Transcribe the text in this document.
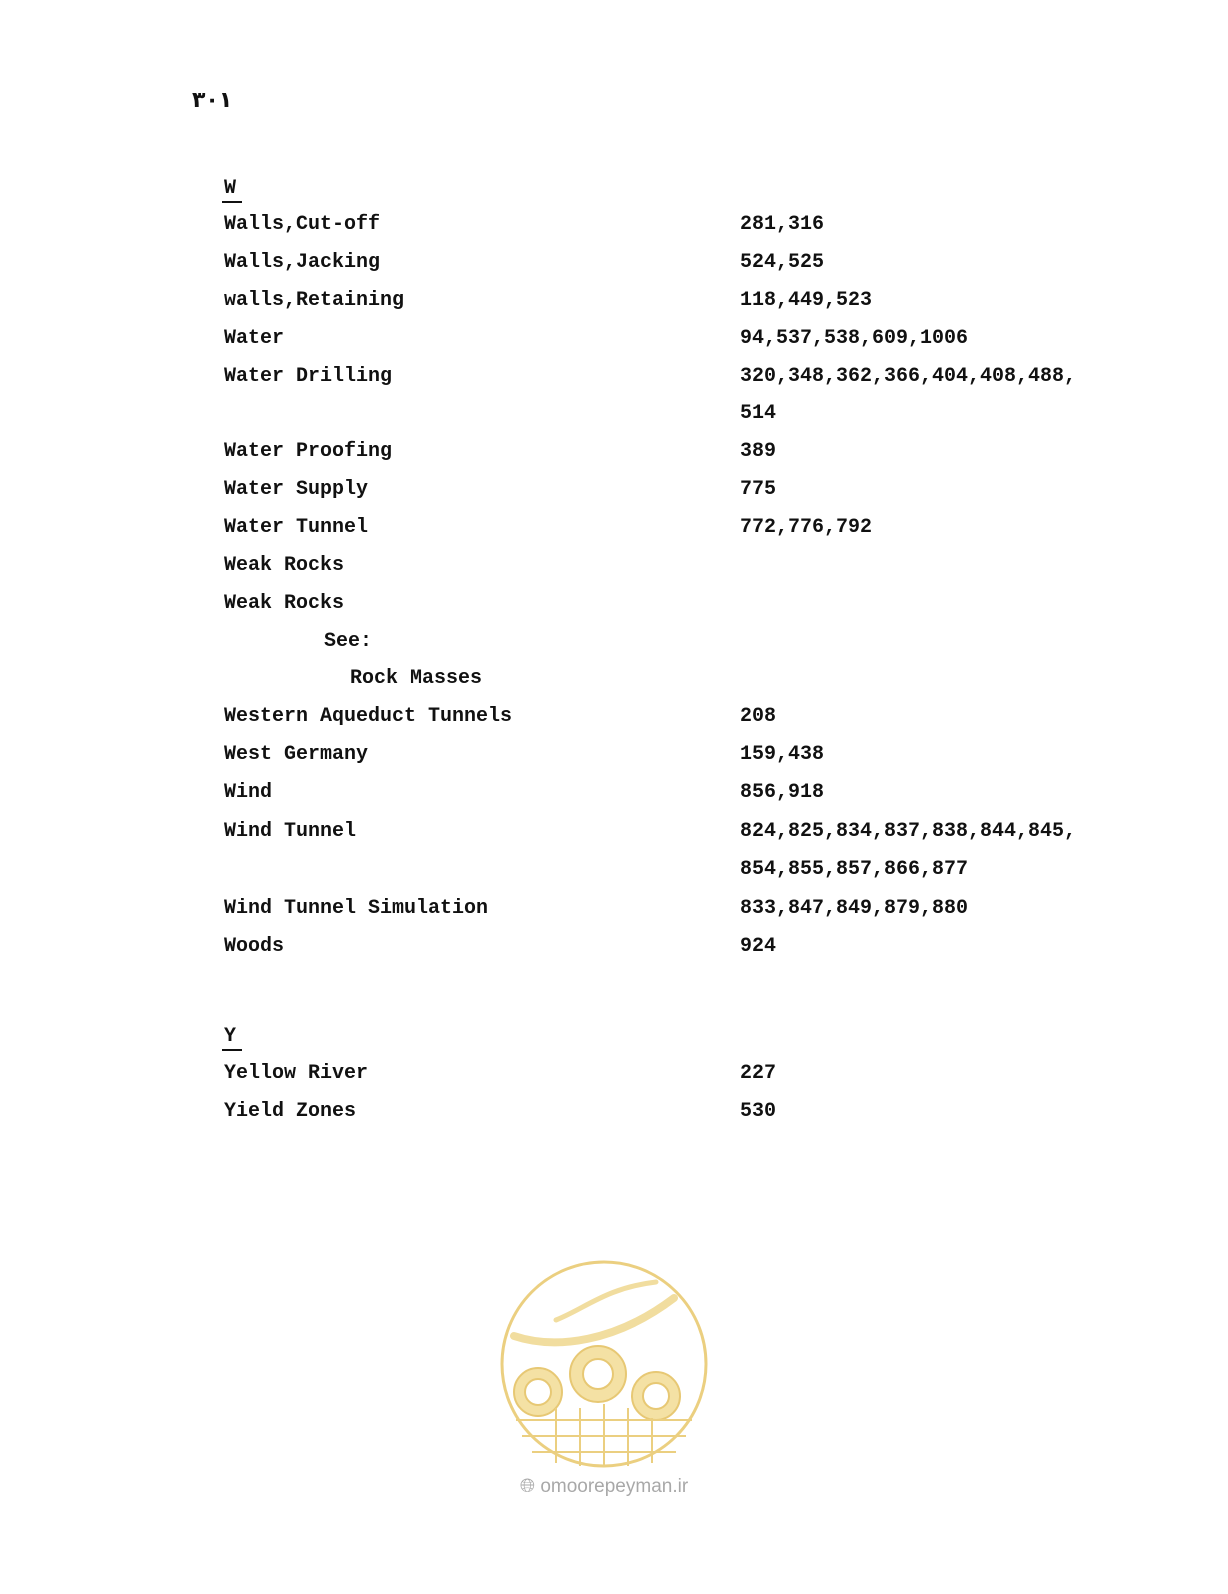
۳۰۱
W

Walls,Cut-off

	281,316

Walls,Jacking

	524,525

walls,Retaining

	118,449,523

Water

	94,537,538,609,1006

Water Drilling

	320,348,362,366,404,408,488,

514

Water Proofing

	389

Water Supply

	775

Water Tunnel

	772,776,792

Weak Rocks

Weak Rocks

See:

Rock Masses

Western Aqueduct Tunnels

	208

West Germany

	159,438

Wind

	856,918

Wind Tunnel

	824,825,834,837,838,844,845,

854,855,857,866,877

Wind Tunnel Simulation

	833,847,849,879,880

Woods

	924

Y

Yellow River

	227

Yield Zones

	530

🌐︎ omoorepeyman.ir
